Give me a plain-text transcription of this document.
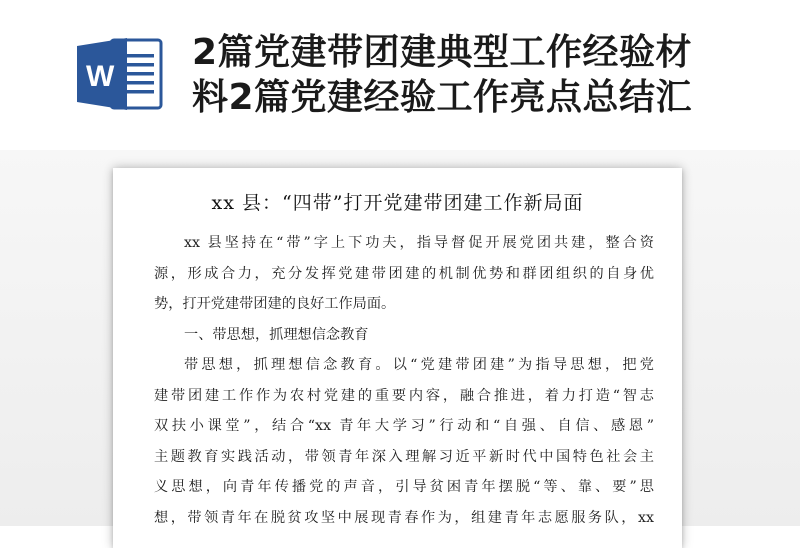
W
2篇党建带团建典型工作经验材
料2篇党建经验工作亮点总结汇
xx 县：“四带”打开党建带团建工作新局面
xx 县坚持在“带”字上下功夫，指导督促开展党团共建，整合资
源，形成合力，充分发挥党建带团建的机制优势和群团组织的自身优
势，打开党建带团建的良好工作局面。
一、带思想，抓理想信念教育
带思想，抓理想信念教育。以“党建带团建”为指导思想，把党
建带团建工作作为农村党建的重要内容，融合推进，着力打造“智志
双扶小课堂”，结合“xx 青年大学习”行动和“自强、自信、感恩”
主题教育实践活动，带领青年深入理解习近平新时代中国特色社会主
义思想，向青年传播党的声音，引导贫困青年摆脱“等、靠、要”思
想，带领青年在脱贫攻坚中展现青春作为，组建青年志愿服务队，xx
